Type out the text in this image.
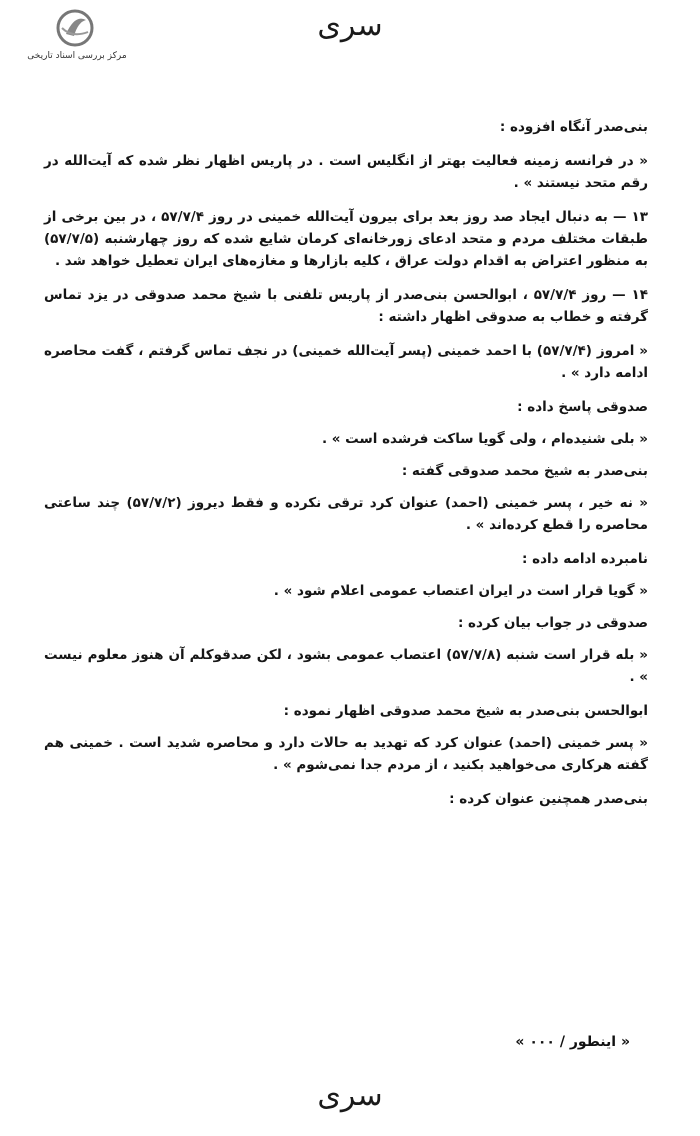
مرکز بررسی اسناد تاریخی
سری

بنی‌صدر آنگاه افزوده :

« در فرانسه زمینه فعالیت بهتر از انگلیس است . در پاریس اظهار نظر شده که آیت‌الله در رقم متحد نیستند » .

۱۳ — به دنبال ایجاد صد روز بعد برای بیرون آیت‌الله خمینی در روز ۵۷/۷/۴ ، در بین برخی از طبقات مختلف مردم و متحد ادعای زورخانه‌ای کرمان شایع شده که روز چهارشنبه (۵۷/۷/۵) به منظور اعتراض به اقدام دولت عراق ، کلیه بازارها و مغازه‌های ایران تعطیل خواهد شد .

۱۴ — روز ۵۷/۷/۴ ، ابوالحسن بنی‌صدر از پاریس تلفنی با شیخ محمد صدوقی در یزد تماس گرفته و خطاب به صدوقی اظهار داشته :

« امروز (۵۷/۷/۴) با احمد خمینی (پسر آیت‌الله خمینی) در نجف تماس گرفتم ، گفت محاصره ادامه دارد » .

صدوقی پاسخ داده :

« بلی شنیده‌ام ، ولی گویا ساکت فرشده است » .

بنی‌صدر به شیخ محمد صدوقی گفته :

« نه خیر ، پسر خمینی (احمد) عنوان کرد ترقی نکرده و فقط دیروز (۵۷/۷/۲) چند ساعتی محاصره را قطع کرده‌اند » .

نامبرده ادامه داده :

« گویا قرار است در ایران اعتصاب عمومی اعلام شود » .

صدوقی در جواب بیان کرده :

« بله قرار است شنبه (۵۷/۷/۸) اعتصاب عمومی بشود ، لکن صدقوکلم آن هنوز معلوم نیست » .

ابوالحسن بنی‌صدر به شیخ محمد صدوقی اظهار نموده :

« پسر خمینی (احمد) عنوان کرد که تهدید به حالات دارد و محاصره شدید است . خمینی هم گفته هرکاری می‌خواهید بکنید ، از مردم جدا نمی‌شوم » .

بنی‌صدر همچنین عنوان کرده :

« اینطور / ۰۰۰ »
سری
